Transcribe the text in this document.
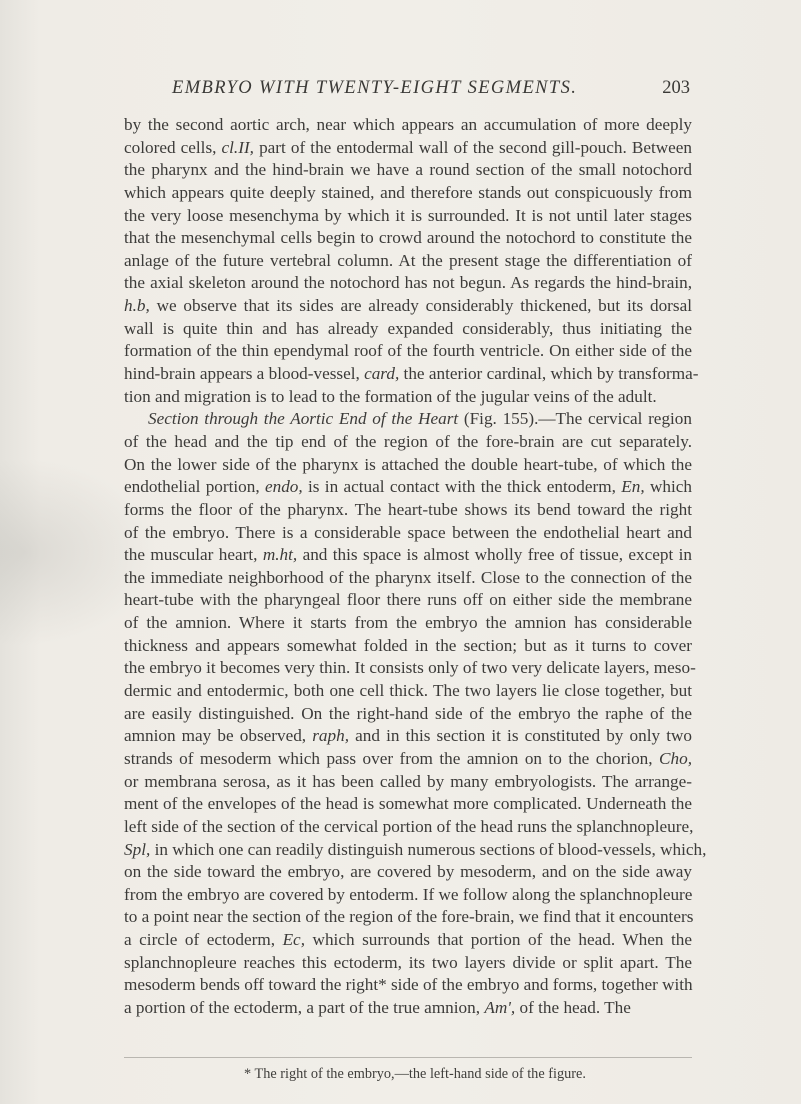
EMBRYO WITH TWENTY-EIGHT SEGMENTS.	203
by the second aortic arch, near which appears an accumulation of more deeply
colored cells, cl.II, part of the entodermal wall of the second gill-pouch. Between
the pharynx and the hind-brain we have a round section of the small notochord
which appears quite deeply stained, and therefore stands out conspicuously from
the very loose mesenchyma by which it is surrounded. It is not until later stages
that the mesenchymal cells begin to crowd around the notochord to constitute the
anlage of the future vertebral column. At the present stage the differentiation of
the axial skeleton around the notochord has not begun. As regards the hind-brain,
h.b, we observe that its sides are already considerably thickened, but its dorsal
wall is quite thin and has already expanded considerably, thus initiating the
formation of the thin ependymal roof of the fourth ventricle. On either side of the
hind-brain appears a blood-vessel, card, the anterior cardinal, which by transforma-
tion and migration is to lead to the formation of the jugular veins of the adult.
Section through the Aortic End of the Heart (Fig. 155).—The cervical region
of the head and the tip end of the region of the fore-brain are cut separately.
On the lower side of the pharynx is attached the double heart-tube, of which the
endothelial portion, endo, is in actual contact with the thick entoderm, En, which
forms the floor of the pharynx. The heart-tube shows its bend toward the right
of the embryo. There is a considerable space between the endothelial heart and
the muscular heart, m.ht, and this space is almost wholly free of tissue, except in
the immediate neighborhood of the pharynx itself. Close to the connection of the
heart-tube with the pharyngeal floor there runs off on either side the membrane
of the amnion. Where it starts from the embryo the amnion has considerable
thickness and appears somewhat folded in the section; but as it turns to cover
the embryo it becomes very thin. It consists only of two very delicate layers, meso-
dermic and entodermic, both one cell thick. The two layers lie close together, but
are easily distinguished. On the right-hand side of the embryo the raphe of the
amnion may be observed, raph, and in this section it is constituted by only two
strands of mesoderm which pass over from the amnion on to the chorion, Cho,
or membrana serosa, as it has been called by many embryologists. The arrange-
ment of the envelopes of the head is somewhat more complicated. Underneath the
left side of the section of the cervical portion of the head runs the splanchnopleure,
Spl, in which one can readily distinguish numerous sections of blood-vessels, which,
on the side toward the embryo, are covered by mesoderm, and on the side away
from the embryo are covered by entoderm. If we follow along the splanchnopleure
to a point near the section of the region of the fore-brain, we find that it encounters
a circle of ectoderm, Ec, which surrounds that portion of the head. When the
splanchnopleure reaches this ectoderm, its two layers divide or split apart. The
mesoderm bends off toward the right* side of the embryo and forms, together with
a portion of the ectoderm, a part of the true amnion, Am', of the head. The
* The right of the embryo,—the left-hand side of the figure.
